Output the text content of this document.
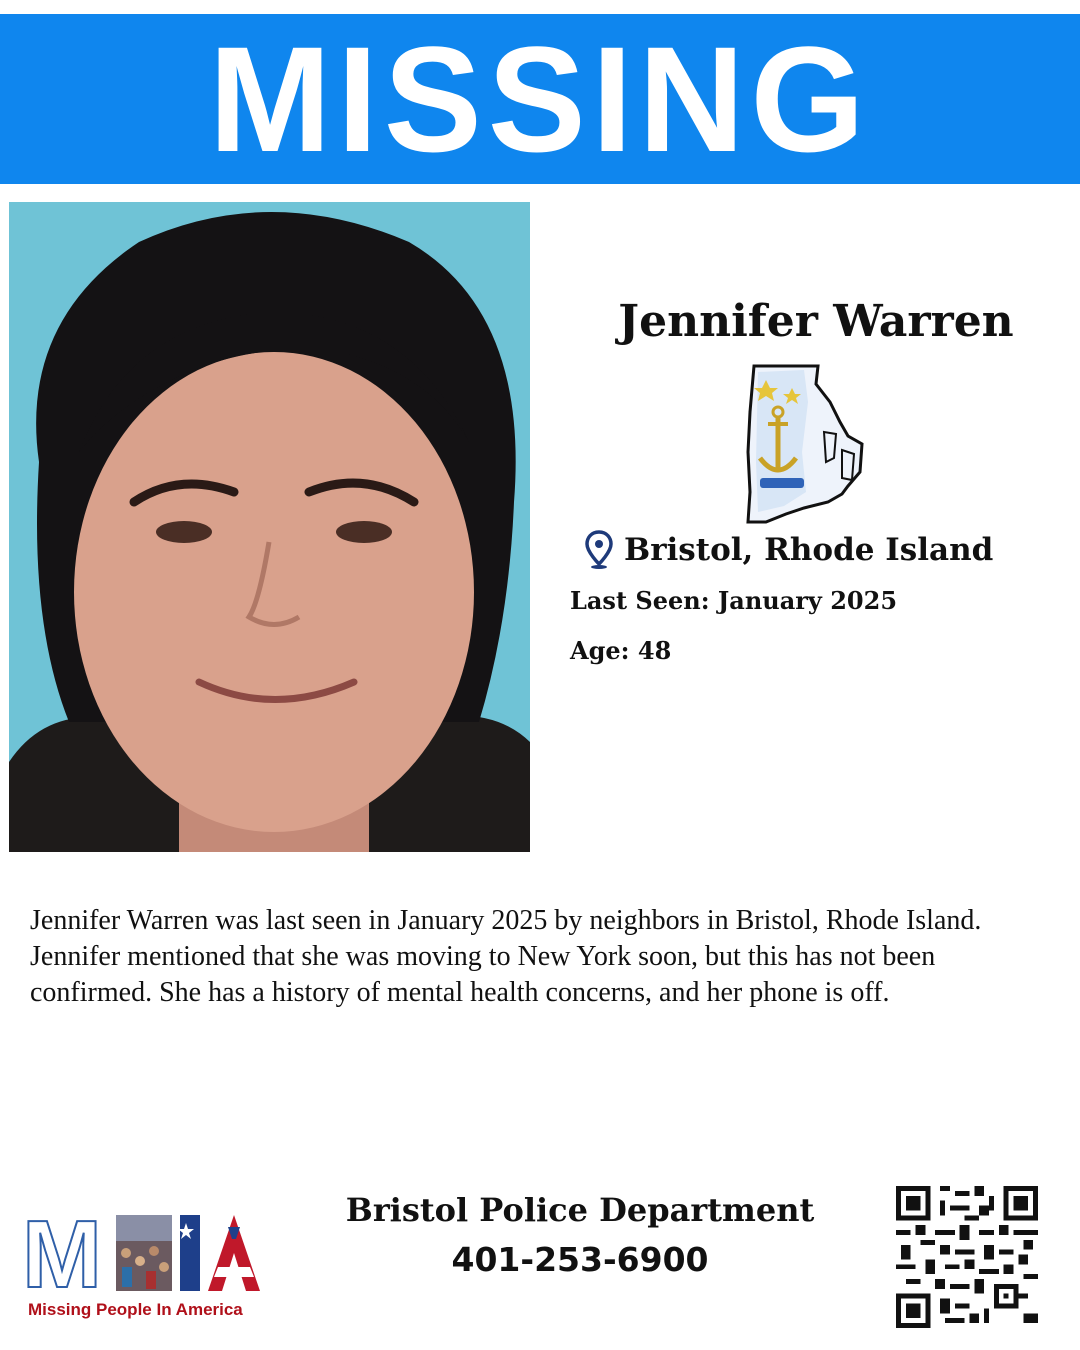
MISSING
Jennifer Warren
Bristol, Rhode Island
Last Seen: January 2025
Age: 48
Jennifer Warren was last seen in January 2025 by neighbors in Bristol, Rhode Island. Jennifer mentioned that she was moving to New York soon, but this has not been confirmed. She has a history of mental health concerns, and her phone is off.
M
Missing People In America
Bristol Police Department
401-253-6900
